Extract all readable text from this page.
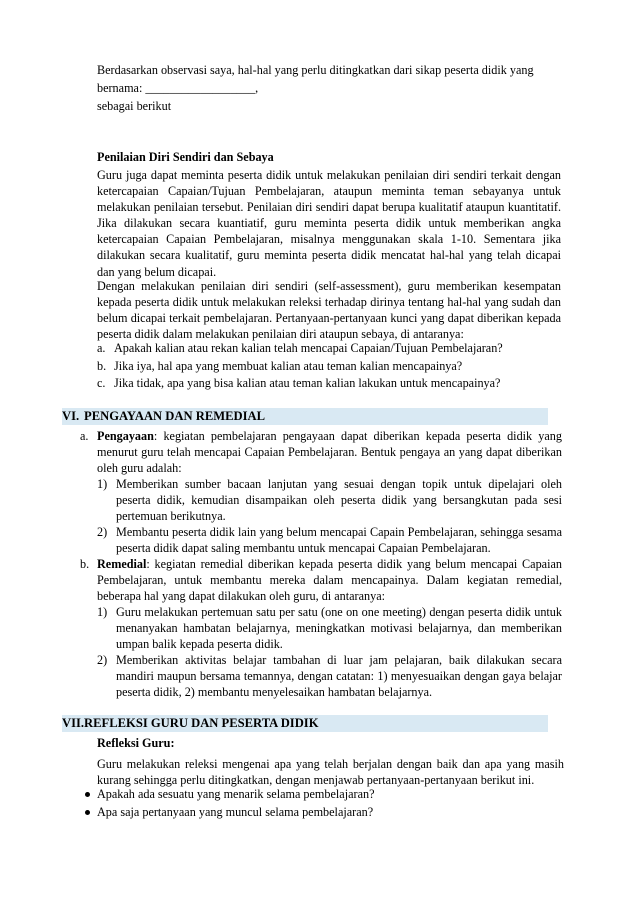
Berdasarkan observasi saya, hal-hal yang perlu ditingkatkan dari sikap peserta didik yang
bernama: __________________,
sebagai berikut
Penilaian Diri Sendiri dan Sebaya
Guru juga dapat meminta peserta didik untuk melakukan penilaian diri sendiri terkait dengan ketercapaian Capaian/Tujuan Pembelajaran, ataupun meminta teman sebayanya untuk melakukan penilaian tersebut. Penilaian diri sendiri dapat berupa kualitatif ataupun kuantitatif. Jika dilakukan secara kuantiatif, guru meminta peserta didik untuk memberikan angka ketercapaian Capaian Pembelajaran, misalnya menggunakan skala 1-10. Sementara jika dilakukan secara kualitatif, guru meminta peserta didik mencatat hal-hal yang telah dicapai dan yang belum dicapai.
Dengan melakukan penilaian diri sendiri (self-assessment), guru memberikan kesempatan kepada peserta didik untuk melakukan releksi terhadap dirinya tentang hal-hal yang sudah dan belum dicapai terkait pembelajaran. Pertanyaan-pertanyaan kunci yang dapat diberikan kepada peserta didik dalam melakukan penilaian diri ataupun sebaya, di antaranya:
a. Apakah kalian atau rekan kalian telah mencapai Capaian/Tujuan Pembelajaran?
b. Jika iya, hal apa yang membuat kalian atau teman kalian mencapainya?
c. Jika tidak, apa yang bisa kalian atau teman kalian lakukan untuk mencapainya?
VI. PENGAYAAN DAN REMEDIAL
a. Pengayaan: kegiatan pembelajaran pengayaan dapat diberikan kepada peserta didik yang menurut guru telah mencapai Capaian Pembelajaran. Bentuk pengaya an yang dapat diberikan oleh guru adalah:
1) Memberikan sumber bacaan lanjutan yang sesuai dengan topik untuk dipelajari oleh peserta didik, kemudian disampaikan oleh peserta didik yang bersangkutan pada sesi pertemuan berikutnya.
2) Membantu peserta didik lain yang belum mencapai Capain Pembelajaran, sehingga sesama peserta didik dapat saling membantu untuk mencapai Capaian Pembelajaran.
b. Remedial: kegiatan remedial diberikan kepada peserta didik yang belum mencapai Capaian Pembelajaran, untuk membantu mereka dalam mencapainya. Dalam kegiatan remedial, beberapa hal yang dapat dilakukan oleh guru, di antaranya:
1) Guru melakukan pertemuan satu per satu (one on one meeting) dengan peserta didik untuk menanyakan hambatan belajarnya, meningkatkan motivasi belajarnya, dan memberikan umpan balik kepada peserta didik.
2) Memberikan aktivitas belajar tambahan di luar jam pelajaran, baik dilakukan secara mandiri maupun bersama temannya, dengan catatan: 1) menyesuaikan dengan gaya belajar peserta didik, 2) membantu menyelesaikan hambatan belajarnya.
VII.REFLEKSI GURU DAN PESERTA DIDIK
Refleksi Guru:
Guru melakukan releksi mengenai apa yang telah berjalan dengan baik dan apa yang masih kurang sehingga perlu ditingkatkan, dengan menjawab pertanyaan-pertanyaan berikut ini.
Apakah ada sesuatu yang menarik selama pembelajaran?
Apa saja pertanyaan yang muncul selama pembelajaran?
